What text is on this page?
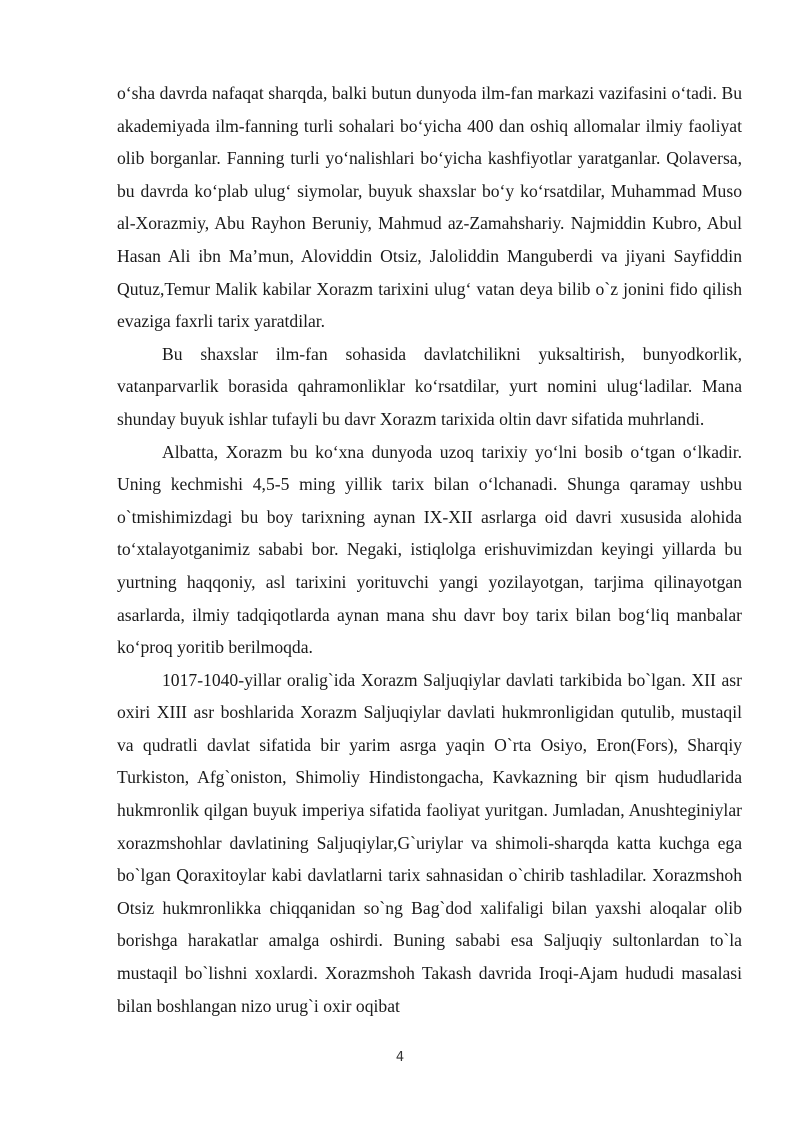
o‘sha davrda nafaqat sharqda, balki butun dunyoda ilm-fan markazi vazifasini o‘tadi. Bu akademiyada ilm-fanning turli sohalari bo‘yicha 400 dan oshiq allomalar ilmiy faoliyat olib borganlar. Fanning turli yo‘nalishlari bo‘yicha kashfiyotlar yaratganlar. Qolaversa, bu davrda ko‘plab ulug‘ siymolar, buyuk shaxslar bo‘y ko‘rsatdilar, Muhammad Muso al-Xorazmiy, Abu Rayhon Beruniy, Mahmud az-Zamahshariy. Najmiddin Kubro, Abul Hasan Ali ibn Ma’mun, Aloviddin Otsiz, Jaloliddin Manguberdi va jiyani Sayfiddin Qutuz,Temur Malik kabilar Xorazm tarixini ulug‘ vatan deya bilib o`z jonini fido qilish evaziga faxrli tarix yaratdilar.

Bu shaxslar ilm-fan sohasida davlatchilikni yuksaltirish, bunyodkorlik, vatanparvarlik borasida qahramonliklar ko‘rsatdilar, yurt nomini ulug‘ladilar. Mana shunday buyuk ishlar tufayli bu davr Xorazm tarixida oltin davr sifatida muhrlandi.

Albatta, Xorazm bu ko‘xna dunyoda uzoq tarixiy yo‘lni bosib o‘tgan o‘lkadir. Uning kechmishi 4,5-5 ming yillik tarix bilan o‘lchanadi. Shunga qaramay ushbu o`tmishimizdagi bu boy tarixning aynan IX-XII asrlarga oid davri xususida alohida to‘xtalayotganimiz sababi bor. Negaki, istiqlolga erishuvimizdan keyingi yillarda bu yurtning haqqoniy, asl tarixini yorituvchi yangi yozilayotgan, tarjima qilinayotgan asarlarda, ilmiy tadqiqotlarda aynan mana shu davr boy tarix bilan bog‘liq manbalar ko‘proq yoritib berilmoqda.

1017-1040-yillar oralig`ida Xorazm Saljuqiylar davlati tarkibida bo`lgan. XII asr oxiri XIII asr boshlarida Xorazm Saljuqiylar davlati hukmronligidan qutulib, mustaqil va qudratli davlat sifatida bir yarim asrga yaqin O`rta Osiyo, Eron(Fors), Sharqiy Turkiston, Afg`oniston, Shimoliy Hindistongacha, Kavkazning bir qism hududlarida hukmronlik qilgan buyuk imperiya sifatida faoliyat yuritgan. Jumladan, Anushteginiylar xorazmshohlar davlatining Saljuqiylar,G`uriylar va shimoli-sharqda katta kuchga ega bo`lgan Qoraxitoylar kabi davlatlarni tarix sahnasidan o`chirib tashladilar. Xorazmshoh Otsiz hukmronlikka chiqqanidan so`ng Bag`dod xalifaligi bilan yaxshi aloqalar olib borishga harakatlar amalga oshirdi. Buning sababi esa Saljuqiy sultonlardan to`la mustaqil bo`lishni xoxlardi. Xorazmshoh Takash davrida Iroqi-Ajam hududi masalasi bilan boshlangan nizo urug`i oxir oqibat

4
